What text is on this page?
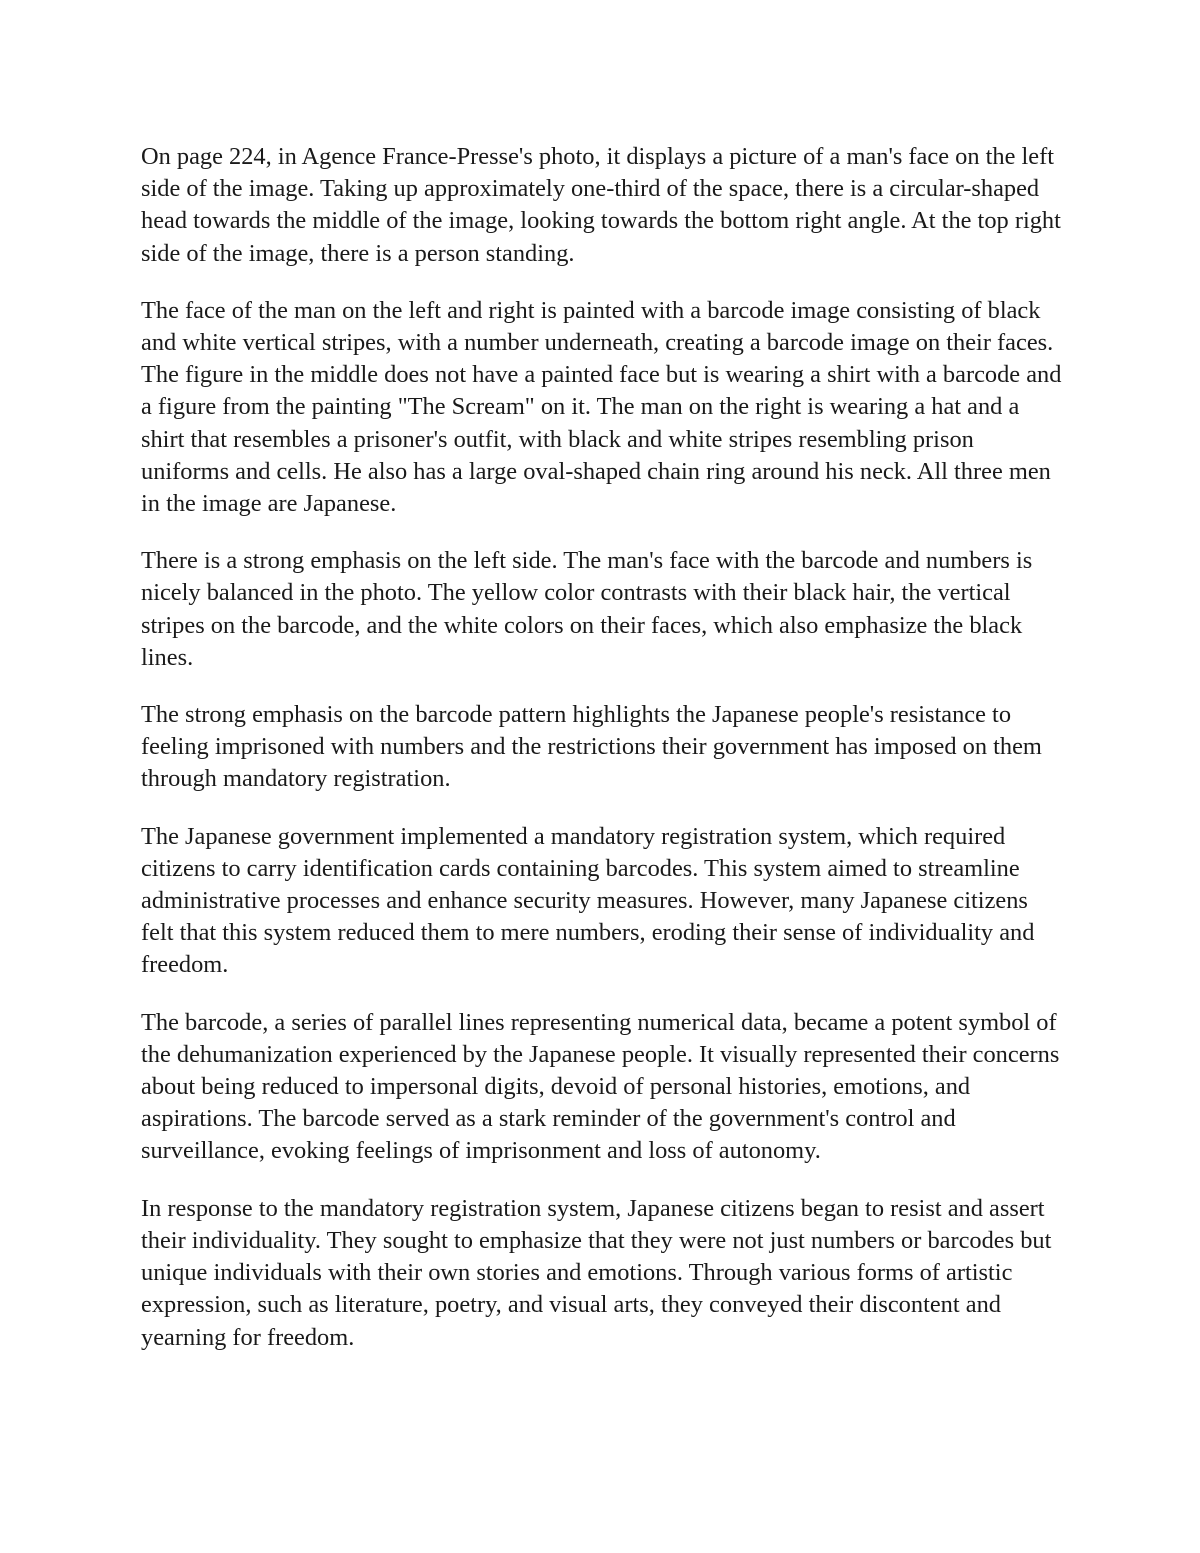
On page 224, in Agence France-Presse's photo, it displays a picture of a man's face on the left side of the image. Taking up approximately one-third of the space, there is a circular-shaped head towards the middle of the image, looking towards the bottom right angle. At the top right side of the image, there is a person standing.

The face of the man on the left and right is painted with a barcode image consisting of black and white vertical stripes, with a number underneath, creating a barcode image on their faces. The figure in the middle does not have a painted face but is wearing a shirt with a barcode and a figure from the painting "The Scream" on it. The man on the right is wearing a hat and a shirt that resembles a prisoner's outfit, with black and white stripes resembling prison uniforms and cells. He also has a large oval-shaped chain ring around his neck. All three men in the image are Japanese.

There is a strong emphasis on the left side. The man's face with the barcode and numbers is nicely balanced in the photo. The yellow color contrasts with their black hair, the vertical stripes on the barcode, and the white colors on their faces, which also emphasize the black lines.

The strong emphasis on the barcode pattern highlights the Japanese people's resistance to feeling imprisoned with numbers and the restrictions their government has imposed on them through mandatory registration.

The Japanese government implemented a mandatory registration system, which required citizens to carry identification cards containing barcodes. This system aimed to streamline administrative processes and enhance security measures. However, many Japanese citizens felt that this system reduced them to mere numbers, eroding their sense of individuality and freedom.

The barcode, a series of parallel lines representing numerical data, became a potent symbol of the dehumanization experienced by the Japanese people. It visually represented their concerns about being reduced to impersonal digits, devoid of personal histories, emotions, and aspirations. The barcode served as a stark reminder of the government's control and surveillance, evoking feelings of imprisonment and loss of autonomy.

In response to the mandatory registration system, Japanese citizens began to resist and assert their individuality. They sought to emphasize that they were not just numbers or barcodes but unique individuals with their own stories and emotions. Through various forms of artistic expression, such as literature, poetry, and visual arts, they conveyed their discontent and yearning for freedom.
